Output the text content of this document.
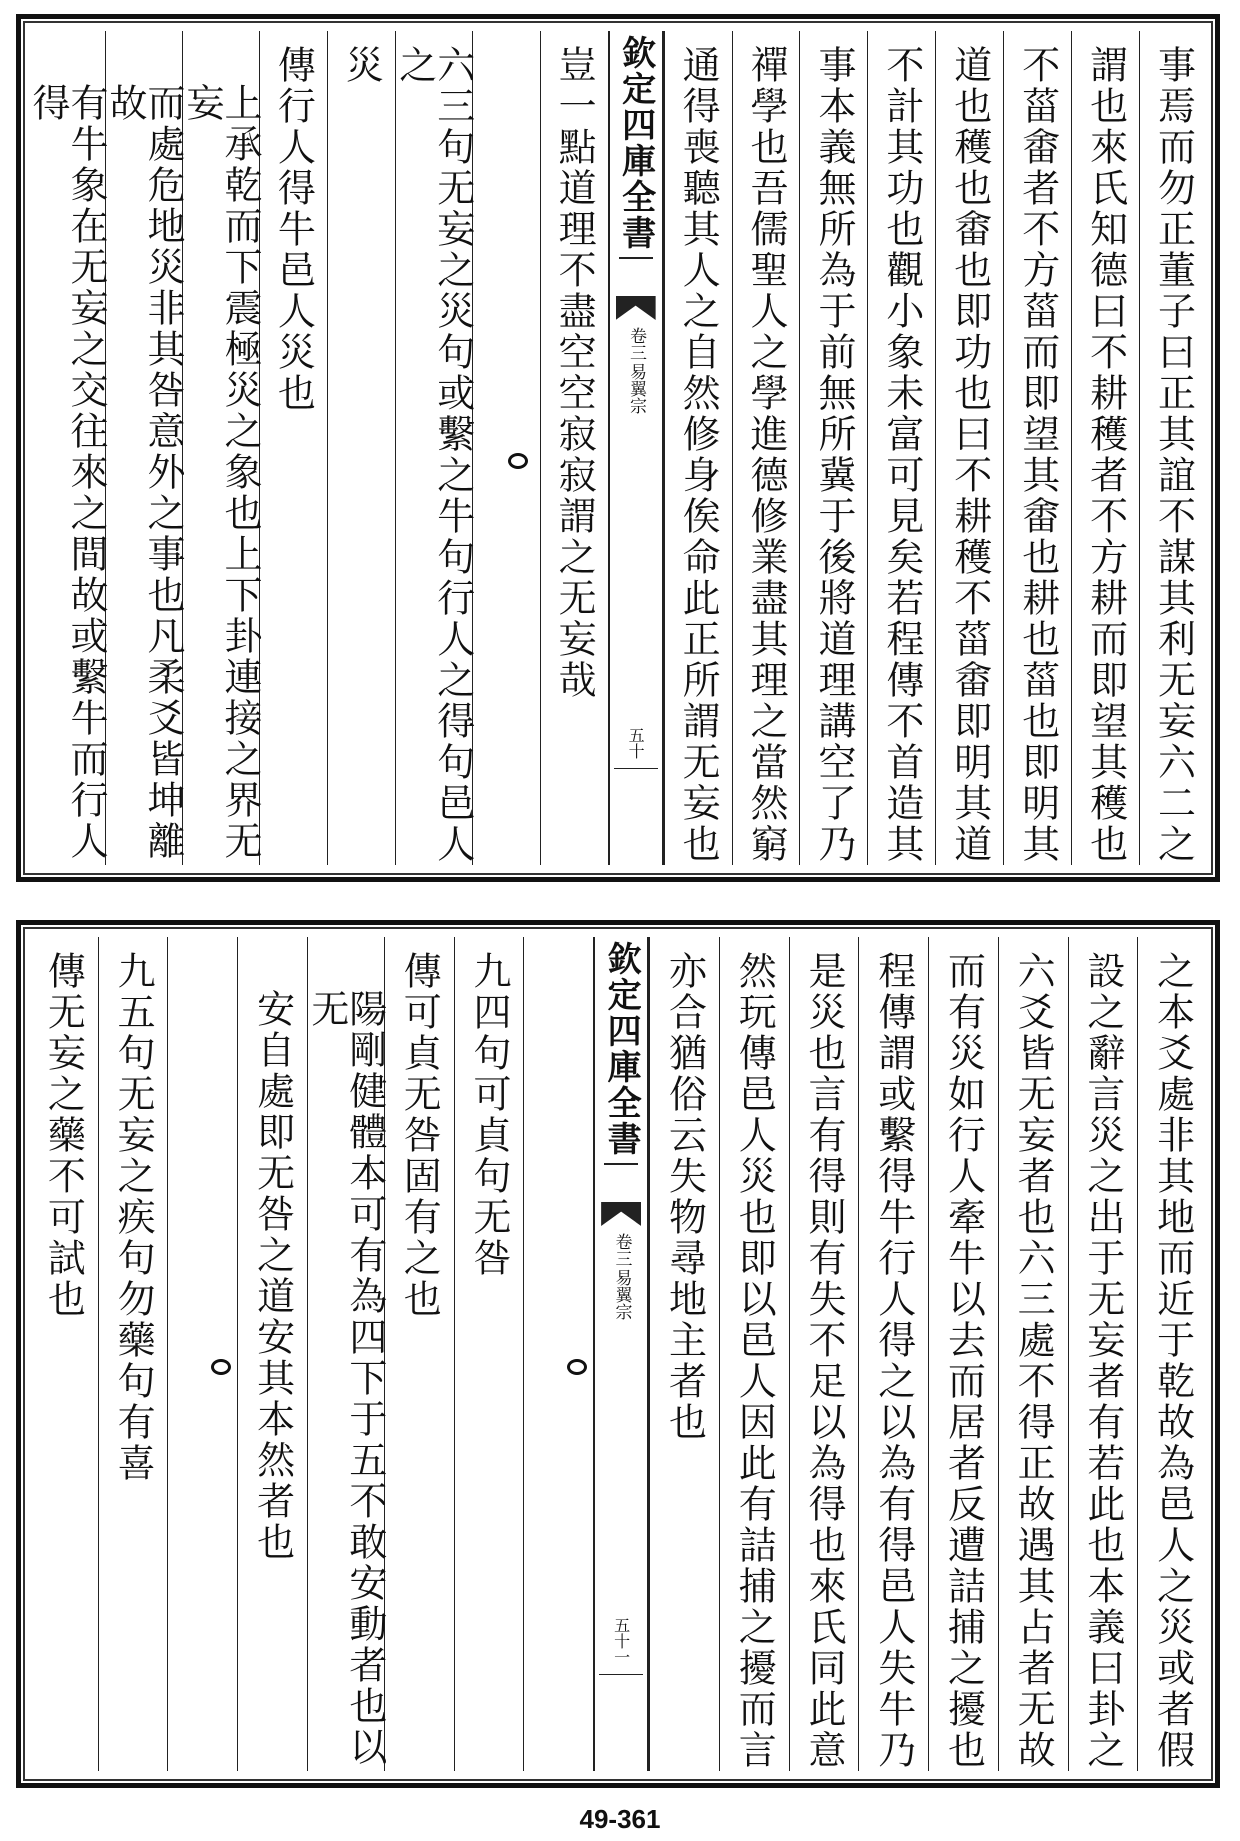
事焉而勿正董子曰正其誼不謀其利无妄六二之
謂也來氏知德曰不耕穫者不方耕而即望其穫也
不菑畬者不方菑而即望其畬也耕也菑也即明其
道也穫也畬也即功也曰不耕穫不菑畬即明其道
不計其功也觀小象未富可見矣若程傳不首造其
事本義無所為于前無所冀于後將道理講空了乃
禪學也吾儒聖人之學進德修業盡其理之當然窮
通得喪聽其人之自然修身俟命此正所謂无妄也
欽定四庫全書
易翼宗
卷三
五十
豈一點道理不盡空空寂寂謂之无妄哉
六三句无妄之災句或繫之牛句行人之得句邑人之
災
傳行人得牛邑人災也
上承乾而下震極災之象也上下卦連接之界无妄
而處危地災非其咎意外之事也凡柔爻皆坤離故
有牛象在无妄之交往來之間故或繫牛而行人得
之本爻處非其地而近于乾故為邑人之災或者假
設之辭言災之出于无妄者有若此也本義曰卦之
六爻皆无妄者也六三處不得正故遇其占者无故
而有災如行人牽牛以去而居者反遭詰捕之擾也
程傳謂或繫得牛行人得之以為有得邑人失牛乃
是災也言有得則有失不足以為得也來氏同此意
然玩傳邑人災也即以邑人因此有詰捕之擾而言
亦合猶俗云失物尋地主者也
欽定四庫全書
易翼宗
卷三
五十一
九四句可貞句无咎
傳可貞无咎固有之也
陽剛健體本可有為四下于五不敢安動者也以无
安自處即无咎之道安其本然者也
九五句无妄之疾句勿藥句有喜
傳无妄之藥不可試也
49-361
